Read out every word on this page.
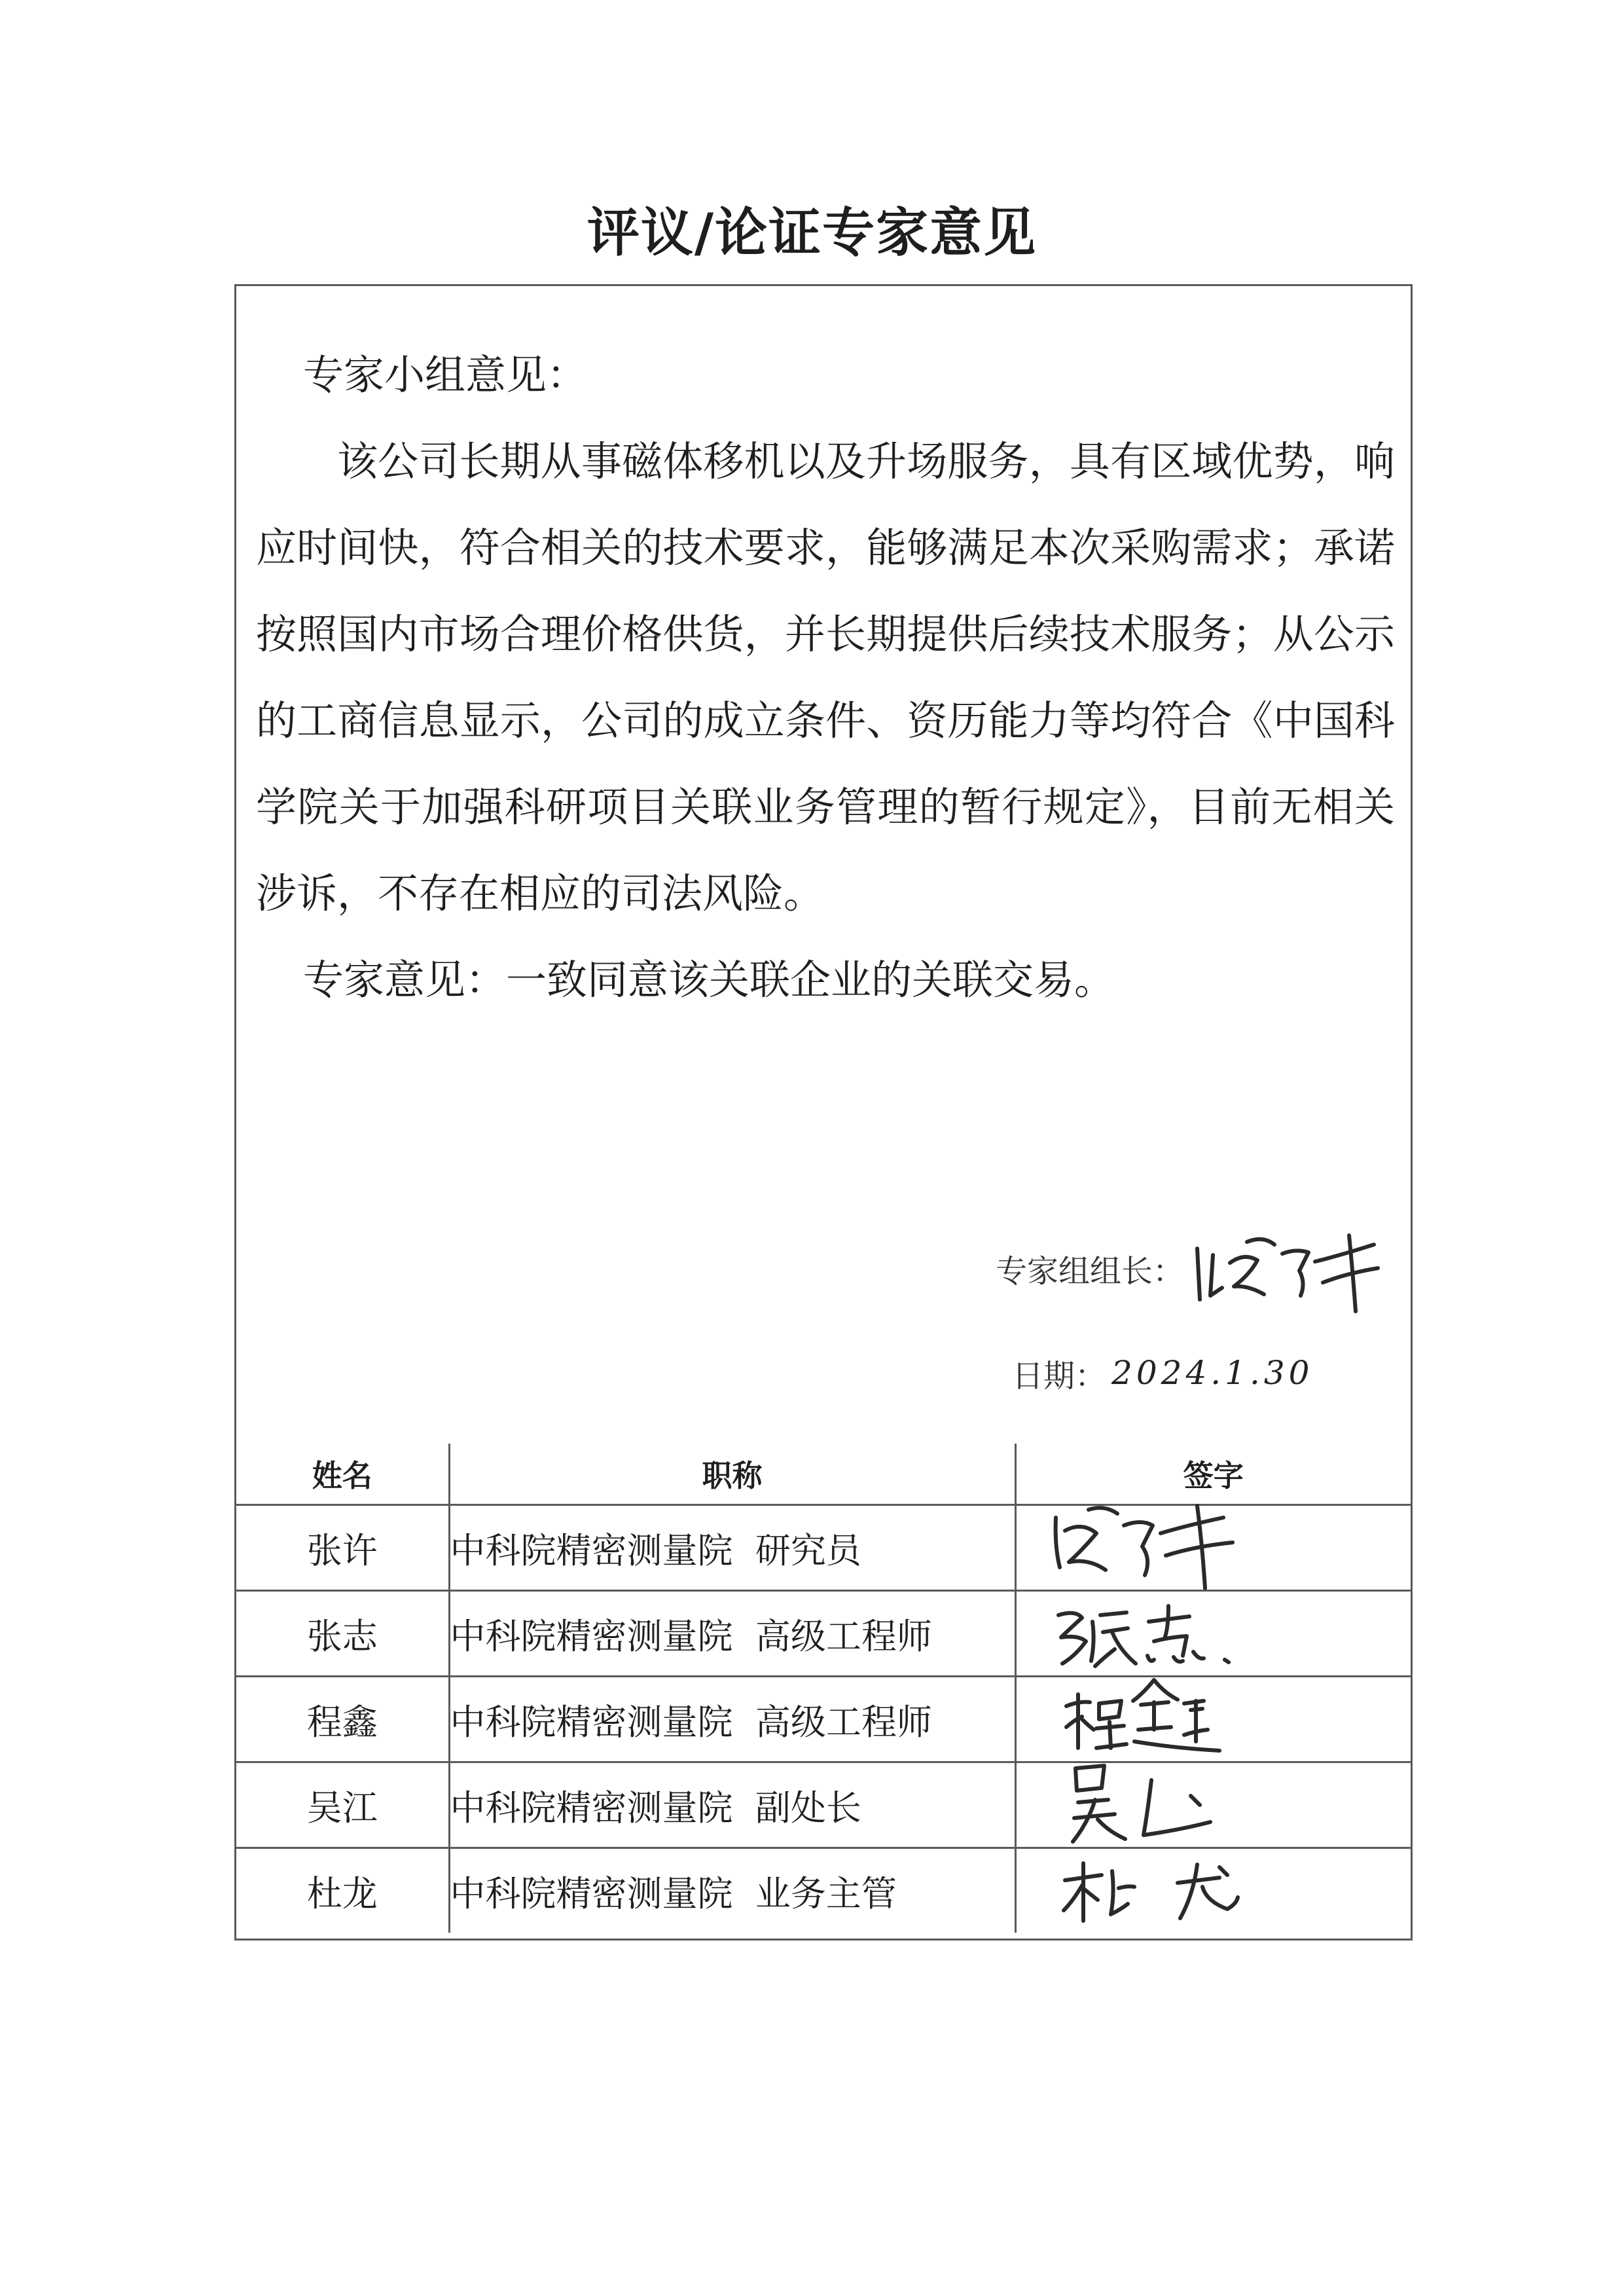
评议/论证专家意见

专家小组意见：

该公司长期从事磁体移机以及升场服务，具有区域优势，响应时间快，符合相关的技术要求，能够满足本次采购需求；承诺按照国内市场合理价格供货，并长期提供后续技术服务；从公示的工商信息显示，公司的成立条件、资历能力等均符合《中国科学院关于加强科研项目关联业务管理的暂行规定》，目前无相关涉诉，不存在相应的司法风险。

专家意见：一致同意该关联企业的关联交易。

专家组组长：
日期： 2024.1.30
姓名	职称	签字
张许	中科院精密测量院  研究员	

张志	中科院精密测量院  高级工程师	

程鑫	中科院精密测量院  高级工程师	

吴江	中科院精密测量院  副处长	

杜龙	中科院精密测量院  业务主管	
